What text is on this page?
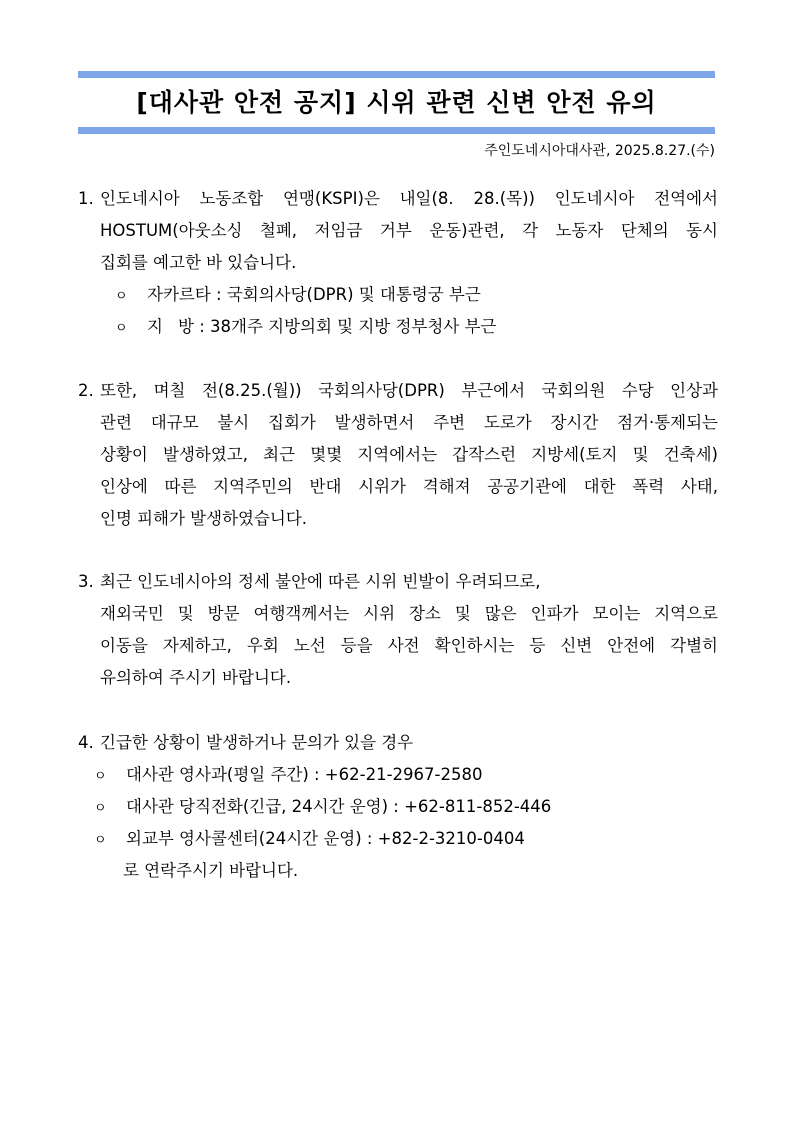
[대사관 안전 공지] 시위 관련 신변 안전 유의
주인도네시아대사관, 2025.8.27.(수)
1. 인도네시아 노동조합 연맹(KSPI)은 내일(8. 28.(목)) 인도네시아 전역에서
HOSTUM(아웃소싱 철폐, 저임금 거부 운동)관련, 각 노동자 단체의 동시
집회를 예고한 바 있습니다.
ㅇ 자카르타 : 국회의사당(DPR) 및 대통령궁 부근
ㅇ 지 방 : 38개주 지방의회 및 지방 정부청사 부근
2. 또한, 며칠 전(8.25.(월)) 국회의사당(DPR) 부근에서 국회의원 수당 인상과
관련 대규모 불시 집회가 발생하면서 주변 도로가 장시간 점거·통제되는
상황이 발생하였고, 최근 몇몇 지역에서는 갑작스런 지방세(토지 및 건축세)
인상에 따른 지역주민의 반대 시위가 격해져 공공기관에 대한 폭력 사태,
인명 피해가 발생하였습니다.
3. 최근 인도네시아의 정세 불안에 따른 시위 빈발이 우려되므로,
재외국민 및 방문 여행객께서는 시위 장소 및 많은 인파가 모이는 지역으로
이동을 자제하고, 우회 노선 등을 사전 확인하시는 등 신변 안전에 각별히
유의하여 주시기 바랍니다.
4. 긴급한 상황이 발생하거나 문의가 있을 경우
ㅇ 대사관 영사과(평일 주간) : +62-21-2967-2580
ㅇ 대사관 당직전화(긴급, 24시간 운영) : +62-811-852-446
ㅇ 외교부 영사콜센터(24시간 운영) : +82-2-3210-0404
로 연락주시기 바랍니다.
